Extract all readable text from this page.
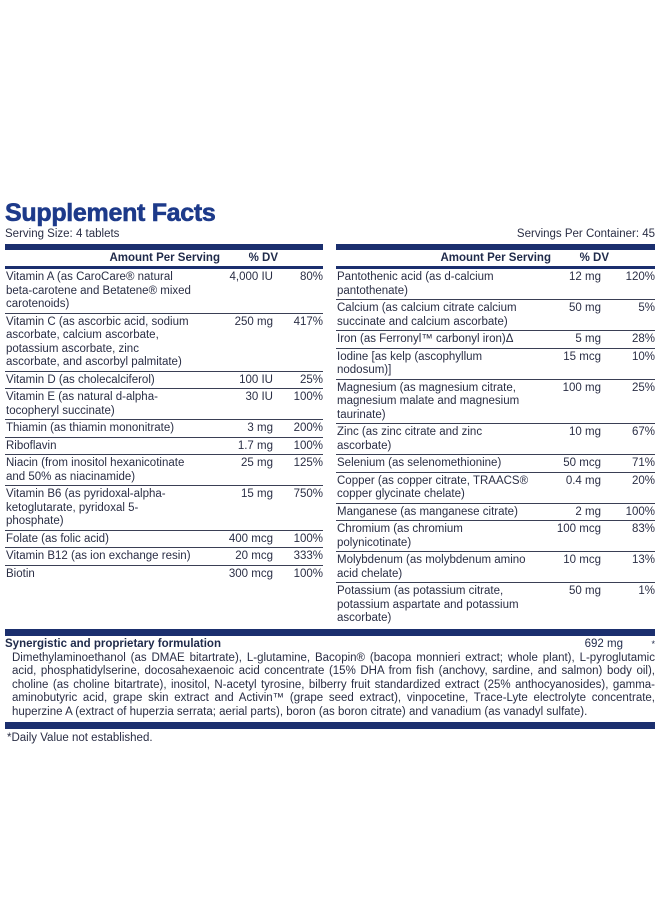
Supplement Facts
Serving Size: 4 tablets	Servings Per Container: 45
Amount Per Serving	% DV
Vitamin A (as CaroCare® natural beta-carotene and Betatene® mixed carotenoids)
4,000 IU	80%
Vitamin C (as ascorbic acid, sodium ascorbate, calcium ascorbate, potassium ascorbate, zinc ascorbate, and ascorbyl palmitate)
250 mg	417%
Vitamin D (as cholecalciferol)	100 IU	25%
Vitamin E (as natural d-alpha-tocopheryl succinate)
30 IU	100%
Thiamin (as thiamin mononitrate)	3 mg	200%
Riboflavin	1.7 mg	100%
Niacin (from inositol hexanicotinate and 50% as niacinamide)
25 mg	125%
Vitamin B6 (as pyridoxal-alpha-ketoglutarate, pyridoxal 5-phosphate)
15 mg	750%
Folate (as folic acid)	400 mcg	100%
Vitamin B12 (as ion exchange resin)	20 mcg	333%
Biotin	300 mcg	100%
Amount Per Serving	% DV
Pantothenic acid (as d-calcium pantothenate)
12 mg	120%
Calcium (as calcium citrate calcium succinate and calcium ascorbate)
50 mg	5%
Iron (as Ferronyl™ carbonyl iron)Δ	5 mg	28%
Iodine [as kelp (ascophyllum nodosum)]
15 mcg	10%
Magnesium (as magnesium citrate, magnesium malate and magnesium taurinate)
100 mg	25%
Zinc (as zinc citrate and zinc ascorbate)
10 mg	67%
Selenium (as selenomethionine)	50 mcg	71%
Copper (as copper citrate, TRAACS® copper glycinate chelate)
0.4 mg	20%
Manganese (as manganese citrate)	2 mg	100%
Chromium (as chromium polynicotinate)
100 mcg	83%
Molybdenum (as molybdenum amino acid chelate)
10 mcg	13%
Potassium (as potassium citrate, potassium aspartate and potassium ascorbate)
50 mg	1%
Synergistic and proprietary formulation	692 mg	*
Dimethylaminoethanol (as DMAE bitartrate), L-glutamine, Bacopin® (bacopa monnieri extract; whole plant), L-pyroglutamic acid, phosphatidylserine, docosahexaenoic acid concentrate (15% DHA from fish (anchovy, sardine, and salmon) body oil), choline (as choline bitartrate), inositol, N-acetyl tyrosine, bilberry fruit standardized extract (25% anthocyanosides), gamma-aminobutyric acid, grape skin extract and Activin™ (grape seed extract), vinpocetine, Trace-Lyte electrolyte concentrate, huperzine A (extract of huperzia serrata; aerial parts), boron (as boron citrate) and vanadium (as vanadyl sulfate).
*Daily Value not established.
